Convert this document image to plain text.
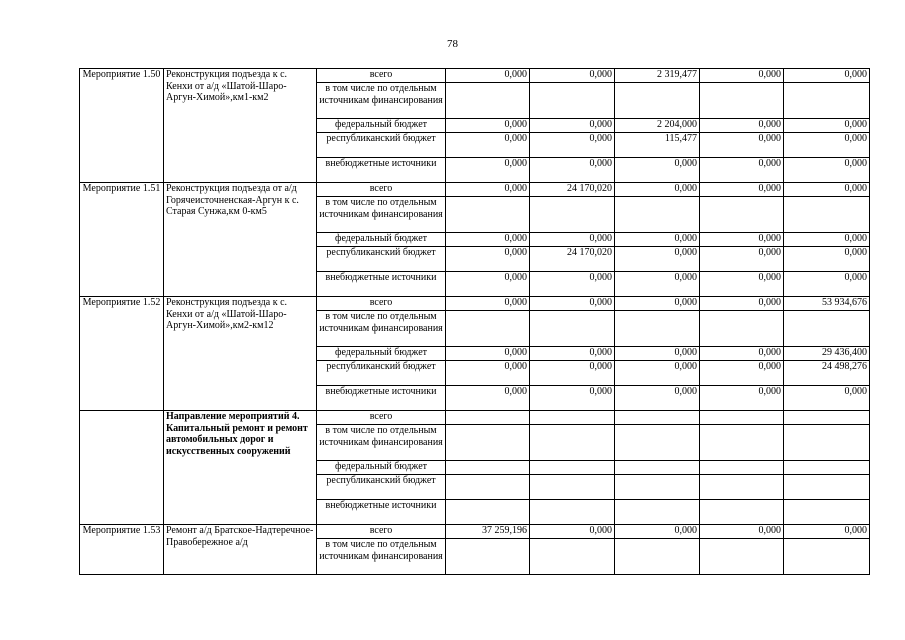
78
Мероприятие 1.50	Реконструкция подъезда к с. Кенхи от а/д «Шатой-Шаро-Аргун-Химой»,км1-км2	всего	0,000	0,000	2 319,477	0,000	0,000
		в том числе по отдельным источникам финансирования					
		федеральный бюджет	0,000	0,000	2 204,000	0,000	0,000
		республиканский бюджет	0,000	0,000	115,477	0,000	0,000
		внебюджетные источники	0,000	0,000	0,000	0,000	0,000
Мероприятие 1.51	Реконструкция подъезда от а/д Горячеисточненская-Аргун к с. Старая Сунжа,км 0-км5	всего	0,000	24 170,020	0,000	0,000	0,000
		в том числе по отдельным источникам финансирования					
		федеральный бюджет	0,000	0,000	0,000	0,000	0,000
		республиканский бюджет	0,000	24 170,020	0,000	0,000	0,000
		внебюджетные источники	0,000	0,000	0,000	0,000	0,000
Мероприятие 1.52	Реконструкция подъезда к с. Кенхи от а/д «Шатой-Шаро-Аргун-Химой»,км2-км12	всего	0,000	0,000	0,000	0,000	53 934,676
		в том числе по отдельным источникам финансирования					
		федеральный бюджет	0,000	0,000	0,000	0,000	29 436,400
		республиканский бюджет	0,000	0,000	0,000	0,000	24 498,276
		внебюджетные источники	0,000	0,000	0,000	0,000	0,000
	Направление мероприятий 4. Капитальный ремонт и ремонт автомобильных дорог и искусственных сооружений	всего					
		в том числе по отдельным источникам финансирования					
		федеральный бюджет					
		республиканский бюджет					
		внебюджетные источники					
Мероприятие 1.53	Ремонт а/д Братское-Надтеречное-Правобережное а/д	всего	37 259,196	0,000	0,000	0,000	0,000
		в том числе по отдельным источникам финансирования					
